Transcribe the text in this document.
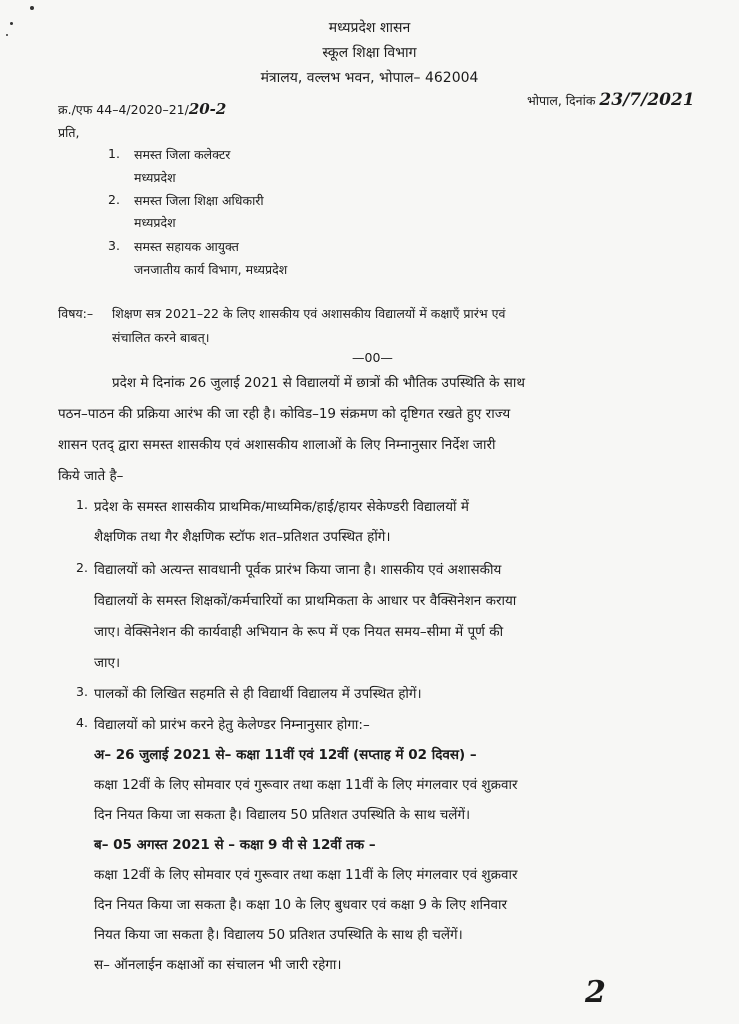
मध्यप्रदेश शासन
स्कूल शिक्षा विभाग
मंत्रालय, वल्लभ भवन, भोपाल– 462004
क्र./एफ 44–4/2020–21/20-2	भोपाल, दिनांक 23/7/2021
प्रति,
1. समस्त जिला कलेक्टर
मध्यप्रदेश
2. समस्त जिला शिक्षा अधिकारी
मध्यप्रदेश
3. समस्त सहायक आयुक्त
जनजातीय कार्य विभाग, मध्यप्रदेश
विषय:– शिक्षण सत्र 2021–22 के लिए शासकीय एवं अशासकीय विद्यालयों में कक्षाएँ प्रारंभ एवं
संचालित करने बाबत्।
—00—
प्रदेश मे दिनांक 26 जुलाई 2021 से विद्यालयों में छात्रों की भौतिक उपस्थिति के साथ
पठन–पाठन की प्रक्रिया आरंभ की जा रही है। कोविड–19 संक्रमण को दृष्टिगत रखते हुए राज्य
शासन एतद् द्वारा समस्त शासकीय एवं अशासकीय शालाओं के लिए निम्नानुसार निर्देश जारी
किये जाते है–
1. प्रदेश के समस्त शासकीय प्राथमिक/माध्यमिक/हाई/हायर सेकेण्डरी विद्यालयों में
शैक्षणिक तथा गैर शैक्षणिक स्टॉफ शत–प्रतिशत उपस्थित होंगे।
2. विद्यालयों को अत्यन्त सावधानी पूर्वक प्रारंभ किया जाना है। शासकीय एवं अशासकीय
विद्यालयों के समस्त शिक्षकों/कर्मचारियों का प्राथमिकता के आधार पर वैक्सिनेशन कराया
जाए। वेक्सिनेशन की कार्यवाही अभियान के रूप में एक नियत समय–सीमा में पूर्ण की
जाए।
3. पालकों की लिखित सहमति से ही विद्यार्थी विद्यालय में उपस्थित होगें।
4. विद्यालयों को प्रारंभ करने हेतु केलेण्डर निम्नानुसार होगा:–
अ– 26 जुलाई 2021 से– कक्षा 11वीं एवं 12वीं (सप्ताह में 02 दिवस) –
कक्षा 12वीं के लिए सोमवार एवं गुरूवार तथा कक्षा 11वीं के लिए मंगलवार एवं शुक्रवार
दिन नियत किया जा सकता है। विद्यालय 50 प्रतिशत उपस्थिति के साथ चलेंगें।
ब– 05 अगस्त 2021 से – कक्षा 9 वी से 12वीं तक –
कक्षा 12वीं के लिए सोमवार एवं गुरूवार तथा कक्षा 11वीं के लिए मंगलवार एवं शुक्रवार
दिन नियत किया जा सकता है। कक्षा 10 के लिए बुधवार एवं कक्षा 9 के लिए शनिवार
नियत किया जा सकता है। विद्यालय 50 प्रतिशत उपस्थिति के साथ ही चलेंगें।
स– ऑनलाईन कक्षाओं का संचालन भी जारी रहेगा।
2
